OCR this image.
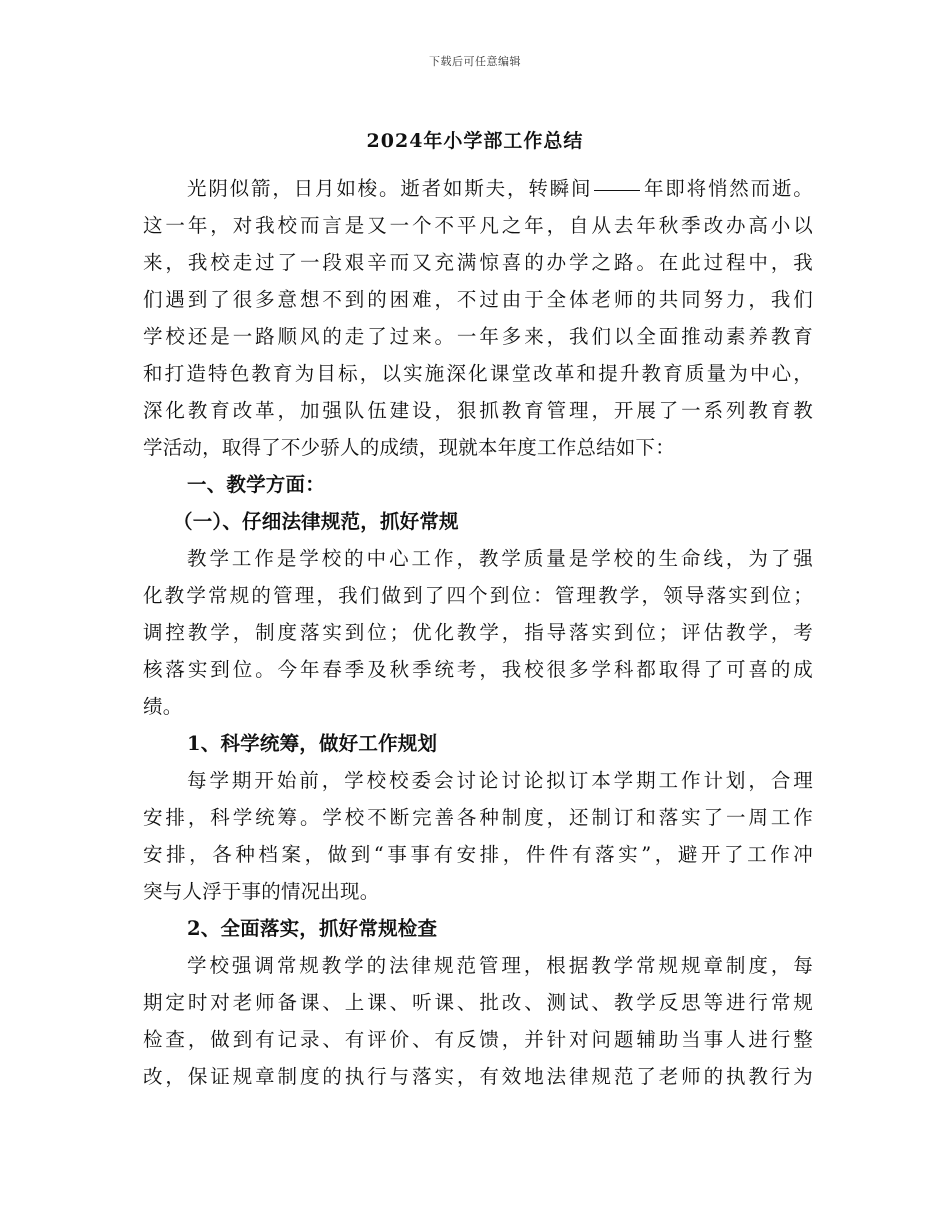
下载后可任意编辑
2024年小学部工作总结
光阴似箭，日月如梭。逝者如斯夫，转瞬间	年即将悄然而逝。
这一年，对我校而言是又一个不平凡之年，自从去年秋季改办高小以
来，我校走过了一段艰辛而又充满惊喜的办学之路。在此过程中，我
们遇到了很多意想不到的困难，不过由于全体老师的共同努力，我们
学校还是一路顺风的走了过来。一年多来，我们以全面推动素养教育
和打造特色教育为目标，以实施深化课堂改革和提升教育质量为中心，
深化教育改革，加强队伍建设，狠抓教育管理，开展了一系列教育教
学活动，取得了不少骄人的成绩，现就本年度工作总结如下：
一、教学方面：
（一）、仔细法律规范，抓好常规
教学工作是学校的中心工作，教学质量是学校的生命线，为了强
化教学常规的管理，我们做到了四个到位：管理教学，领导落实到位；
调控教学，制度落实到位；优化教学，指导落实到位；评估教学，考
核落实到位。今年春季及秋季统考，我校很多学科都取得了可喜的成
绩。
1、科学统筹，做好工作规划
每学期开始前，学校校委会讨论讨论拟订本学期工作计划，合理
安排，科学统筹。学校不断完善各种制度，还制订和落实了一周工作
安排，各种档案，做到“事事有安排，件件有落实”，避开了工作冲
突与人浮于事的情况出现。
2、全面落实，抓好常规检查
学校强调常规教学的法律规范管理，根据教学常规规章制度，每
期定时对老师备课、上课、听课、批改、测试、教学反思等进行常规
检查，做到有记录、有评价、有反馈，并针对问题辅助当事人进行整
改，保证规章制度的执行与落实，有效地法律规范了老师的执教行为
